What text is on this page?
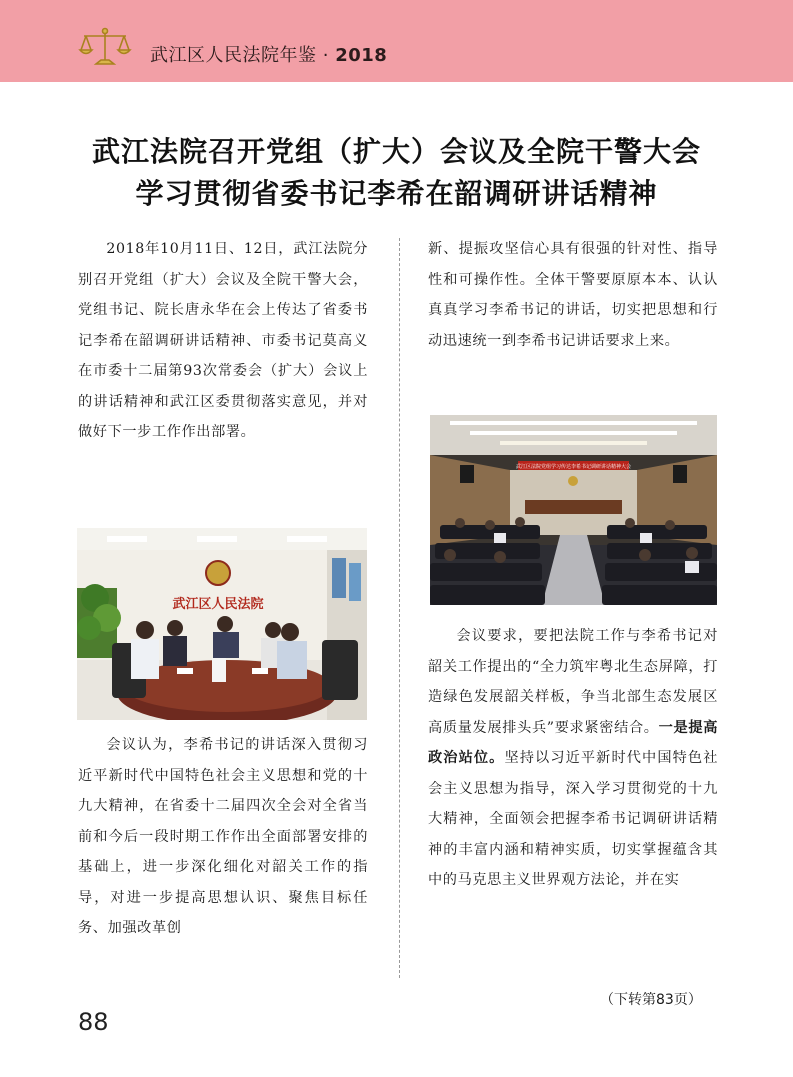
武江区人民法院年鉴 · 2018
武江法院召开党组（扩大）会议及全院干警大会
学习贯彻省委书记李希在韶调研讲话精神

2018年10月11日、12日，武江法院分别召开党组（扩大）会议及全院干警大会，党组书记、院长唐永华在会上传达了省委书记李希在韶调研讲话精神、市委书记莫高义在市委十二届第93次常委会（扩大）会议上的讲话精神和武江区委贯彻落实意见，并对做好下一步工作作出部署。

武江区人民法院

会议认为，李希书记的讲话深入贯彻习近平新时代中国特色社会主义思想和党的十九大精神，在省委十二届四次全会对全省当前和今后一段时期工作作出全面部署安排的基础上，进一步深化细化对韶关工作的指导，对进一步提高思想认识、聚焦目标任务、加强改革创

新、提振攻坚信心具有很强的针对性、指导性和可操作性。全体干警要原原本本、认认真真学习李希书记的讲话，切实把思想和行动迅速统一到李希书记讲话要求上来。

武江区法院党组学习传达李希书记调研讲话精神大会

会议要求，要把法院工作与李希书记对韶关工作提出的“全力筑牢粤北生态屏障，打造绿色发展韶关样板，争当北部生态发展区高质量发展排头兵”要求紧密结合。一是提高政治站位。坚持以习近平新时代中国特色社会主义思想为指导，深入学习贯彻党的十九大精神，全面领会把握李希书记调研讲话精神的丰富内涵和精神实质，切实掌握蕴含其中的马克思主义世界观方法论，并在实

（下转第83页）
88
